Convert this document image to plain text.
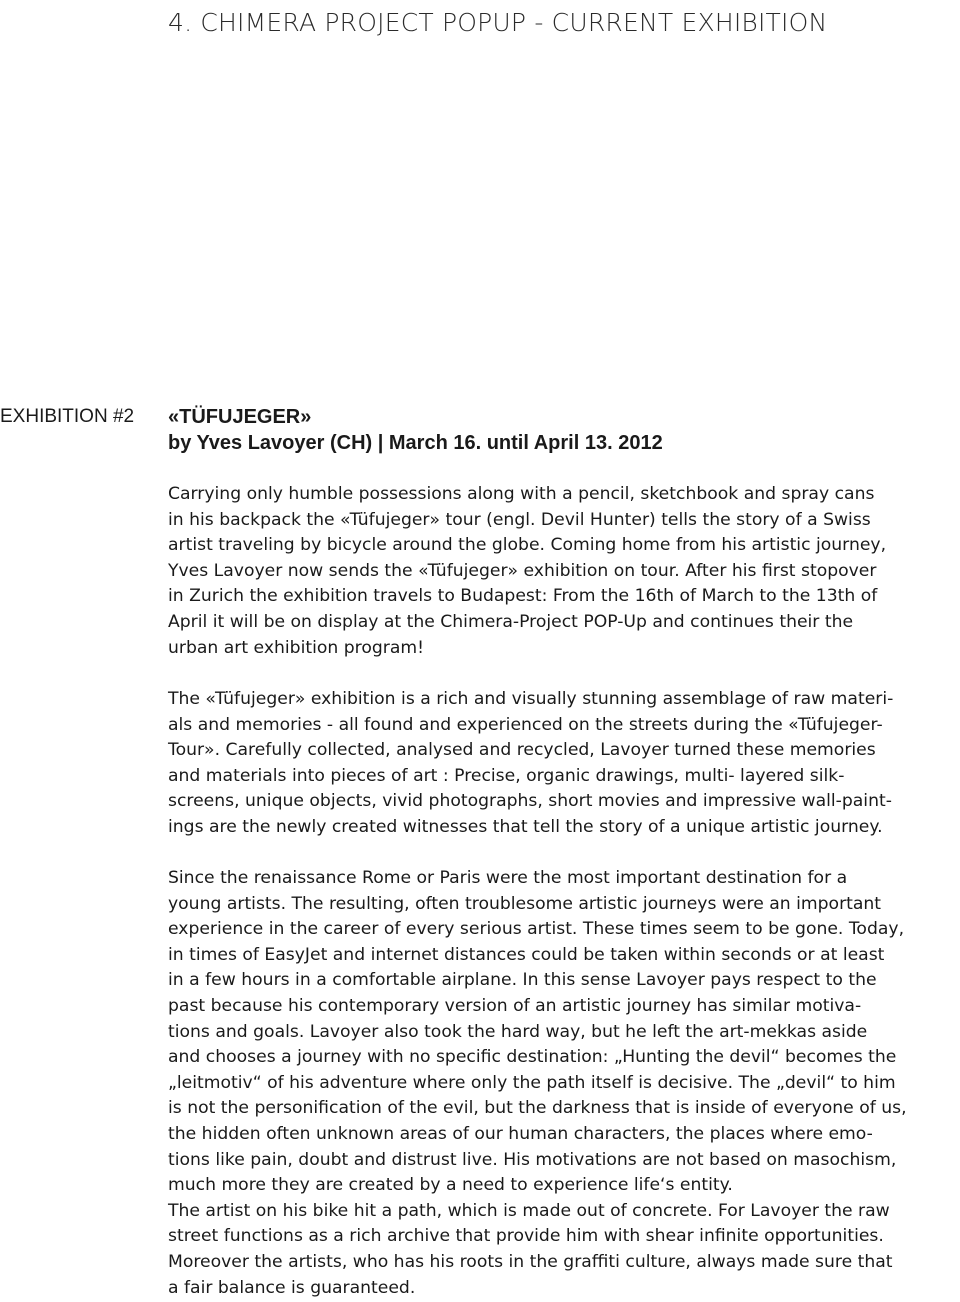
4. CHIMERA PROJECT POPUP - CURRENT EXHIBITION
EXHIBITION #2 «TÜFUJEGER»
by Yves Lavoyer (CH) | March 16. until April 13. 2012
Carrying only humble possessions along with a pencil, sketchbook and spray cans
in his backpack the «Tüfujeger» tour (engl. Devil Hunter) tells the story of a Swiss
artist traveling by bicycle around the globe. Coming home from his artistic journey,
Yves Lavoyer now sends the «Tüfujeger» exhibition on tour. After his first stopover
in Zurich the exhibition travels to Budapest: From the 16th of March to the 13th of
April it will be on display at the Chimera-Project POP-Up and continues their the
urban art exhibition program!
The «Tüfujeger» exhibition is a rich and visually stunning assemblage of raw materi-
als and memories - all found and experienced on the streets during the «Tüfujeger-
Tour». Carefully collected, analysed and recycled, Lavoyer turned these memories
and materials into pieces of art : Precise, organic drawings, multi- layered silk-
screens, unique objects, vivid photographs, short movies and impressive wall-paint-
ings are the newly created witnesses that tell the story of a unique artistic journey.
Since the renaissance Rome or Paris were the most important destination for a
young artists. The resulting, often troublesome artistic journeys were an important
experience in the career of every serious artist. These times seem to be gone. Today,
in times of EasyJet and internet distances could be taken within seconds or at least
in a few hours in a comfortable airplane. In this sense Lavoyer pays respect to the
past because his contemporary version of an artistic journey has similar motiva-
tions and goals. Lavoyer also took the hard way, but he left the art-mekkas aside
and chooses a journey with no specific destination: „Hunting the devil“ becomes the
„leitmotiv“ of his adventure where only the path itself is decisive. The „devil“ to him
is not the personification of the evil, but the darkness that is inside of everyone of us,
the hidden often unknown areas of our human characters, the places where emo-
tions like pain, doubt and distrust live. His motivations are not based on masochism,
much more they are created by a need to experience life‘s entity.
The artist on his bike hit a path, which is made out of concrete. For Lavoyer the raw
street functions as a rich archive that provide him with shear infinite opportunities.
Moreover the artists, who has his roots in the graffiti culture, always made sure that
a fair balance is guaranteed.
